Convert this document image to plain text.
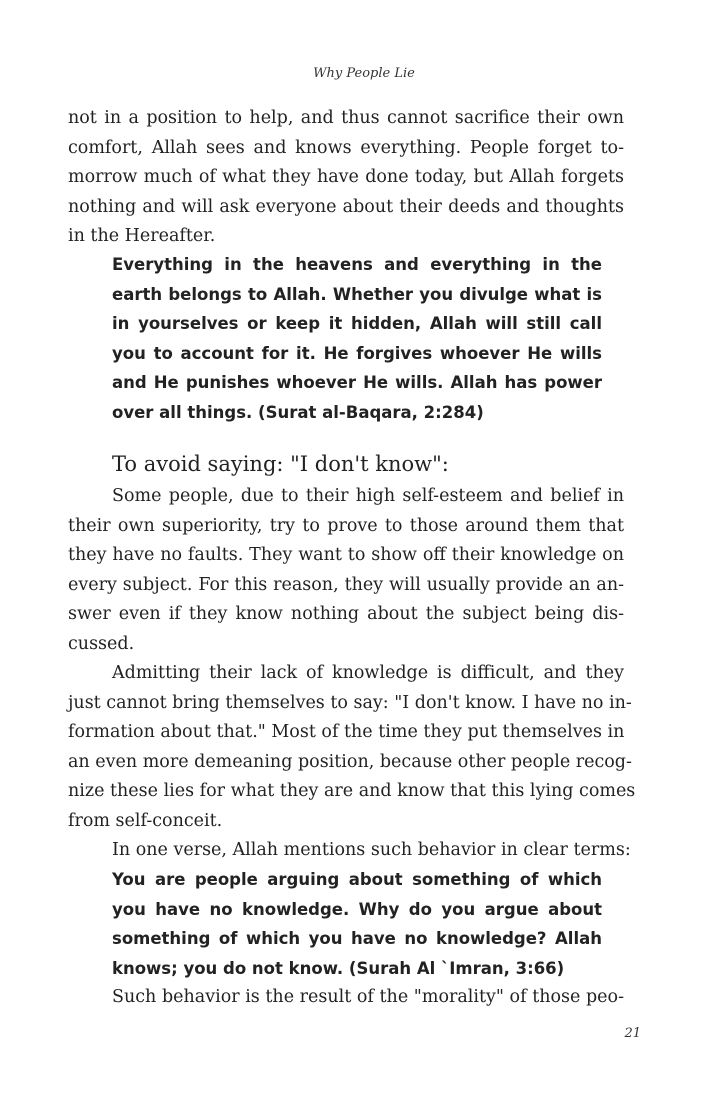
Why People Lie
not in a position to help, and thus cannot sacrifice their own
comfort, Allah sees and knows everything. People forget to-
morrow much of what they have done today, but Allah forgets
nothing and will ask everyone about their deeds and thoughts
in the Hereafter.
Everything in the heavens and everything in the
earth belongs to Allah. Whether you divulge what is
in yourselves or keep it hidden, Allah will still call
you to account for it. He forgives whoever He wills
and He punishes whoever He wills. Allah has power
over all things. (Surat al-Baqara, 2:284)
To avoid saying: "I don't know":
Some people, due to their high self-esteem and belief in
their own superiority, try to prove to those around them that
they have no faults. They want to show off their knowledge on
every subject. For this reason, they will usually provide an an-
swer even if they know nothing about the subject being dis-
cussed.
Admitting their lack of knowledge is difficult, and they
just cannot bring themselves to say: "I don't know. I have no in-
formation about that." Most of the time they put themselves in
an even more demeaning position, because other people recog-
nize these lies for what they are and know that this lying comes
from self-conceit.
In one verse, Allah mentions such behavior in clear terms:
You are people arguing about something of which
you have no knowledge. Why do you argue about
something of which you have no knowledge? Allah
knows; you do not know. (Surah Al `Imran, 3:66)
Such behavior is the result of the "morality" of those peo-
21
